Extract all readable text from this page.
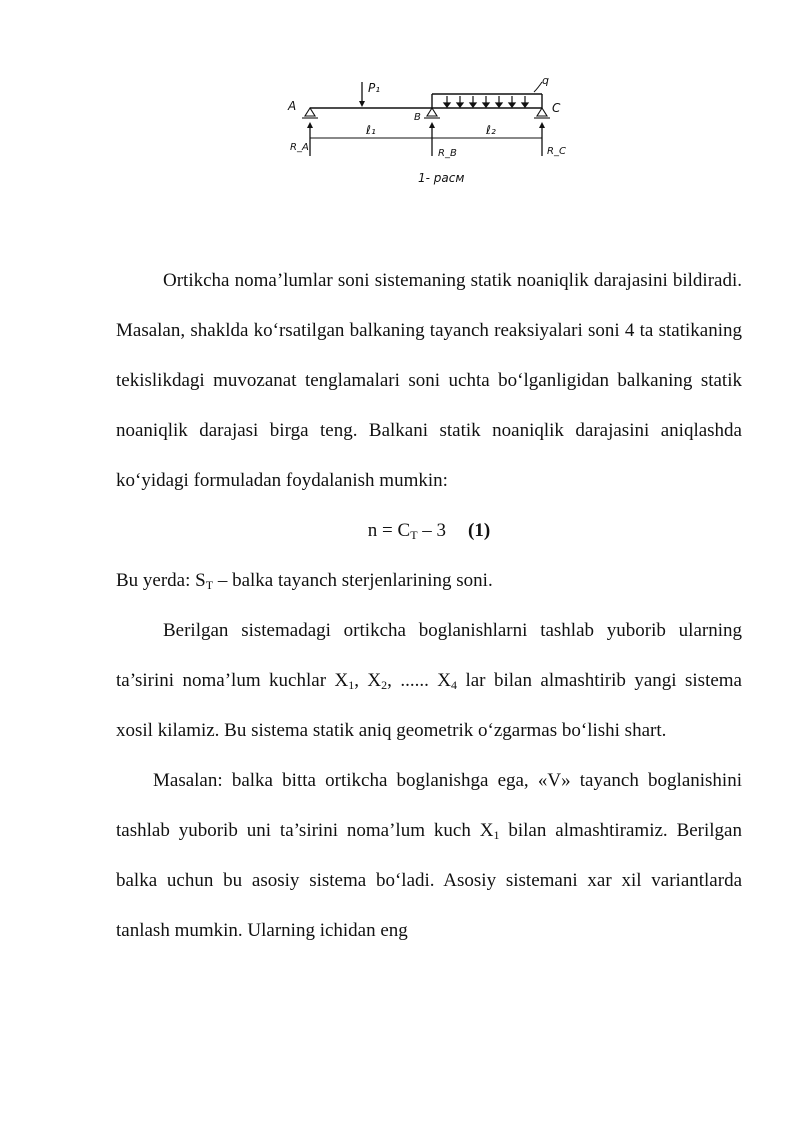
q
P₁
A
B
C
ℓ₁	ℓ₂
R_A
R_B	R_C
1- расм

Ortikcha noma’lumlar soni sistemaning statik noaniqlik darajasini bildiradi. Masalan, shaklda ko‘rsatilgan balkaning tayanch reaksiyalari soni 4 ta statikaning tekislikdagi muvozanat tenglamalari soni uchta bo‘lganligidan balkaning statik noaniqlik darajasi birga teng. Balkani statik noaniqlik darajasini aniqlashda ko‘yidagi formuladan foydalanish mumkin:

$n = C_T - 3$ (1)

Bu yerda: $S_T$ – balka tayanch sterjenlarining soni.

Berilgan sistemadagi ortikcha boglanishlarni tashlab yuborib ularning ta’sirini noma’lum kuchlar $X_1$, $X_2$, ...... $X_4$ lar bilan almashtirib yangi sistema xosil kilamiz. Bu sistema statik aniq geometrik o‘zgarmas bo‘lishi shart.

Masalan: balka bitta ortikcha boglanishga ega, «V» tayanch boglanishini tashlab yuborib uni ta’sirini noma’lum kuch $X_1$ bilan almashtiramiz. Berilgan balka uchun bu asosiy sistema bo‘ladi. Asosiy sistemani xar xil variantlarda tanlash mumkin. Ularning ichidan eng
